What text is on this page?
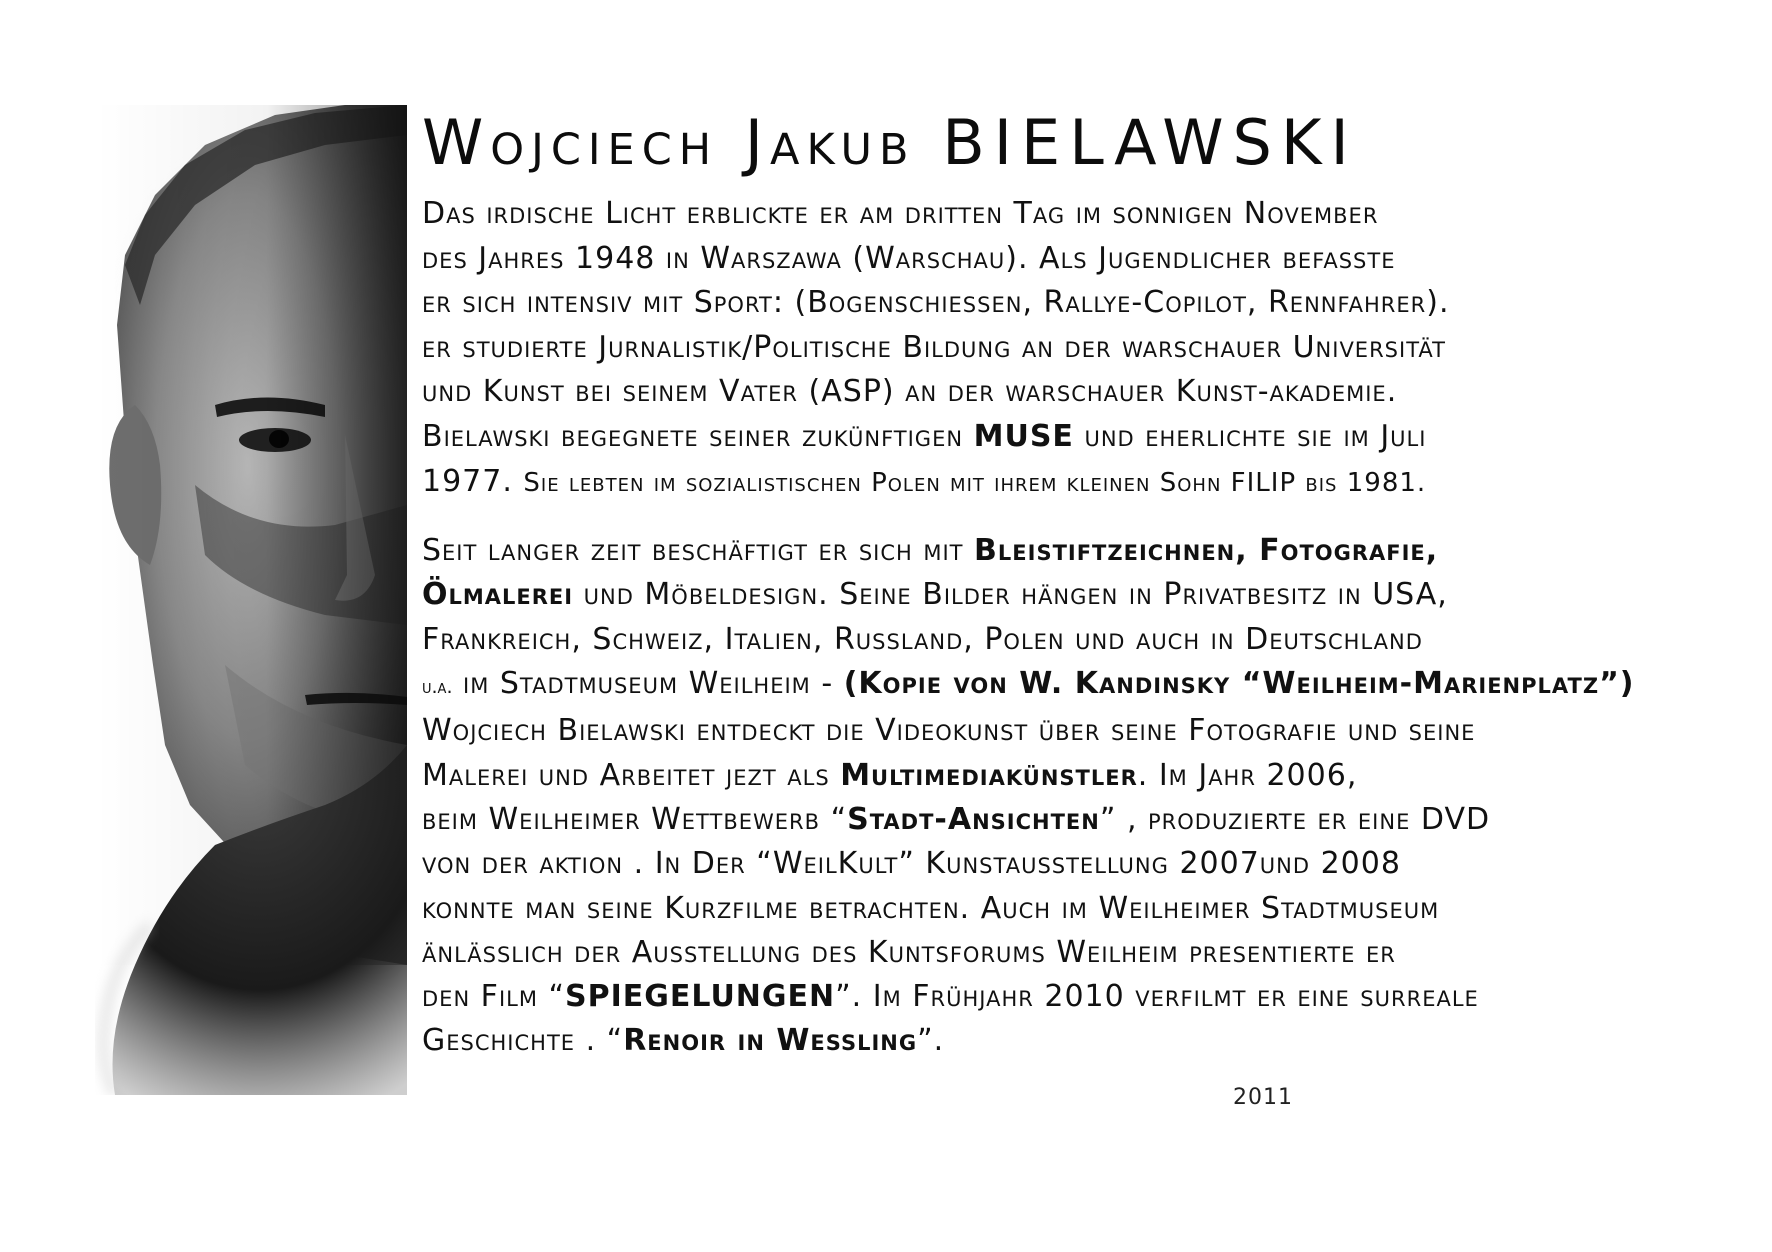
Wojciech Jakub BIELAWSKI
Das irdische Licht erblickte er am dritten Tag im sonnigen November
des Jahres 1948 in Warszawa (Warschau). Als Jugendlicher befasste
er sich intensiv mit Sport: (Bogenschiessen, Rallye-Copilot, Rennfahrer).
er studierte Jurnalistik/Politische Bildung an der warschauer Universität
und Kunst bei seinem Vater (ASP) an der warschauer Kunst-akademie.
Bielawski begegnete seiner zukünftigen MUSE und eherlichte sie im Juli
1977. Sie lebten im sozialistischen Polen mit ihrem kleinen Sohn FILIP bis 1981.
Seit langer zeit beschäftigt er sich mit Bleistiftzeichnen, Fotografie,
Ölmalerei und Möbeldesign. Seine Bilder hängen in Privatbesitz in USA,
Frankreich, Schweiz, Italien, Russland, Polen und auch in Deutschland
u.a. im Stadtmuseum Weilheim - (Kopie von W. Kandinsky “Weilheim-Marienplatz”)
Wojciech Bielawski entdeckt die Videokunst über seine Fotografie und seine
Malerei und Arbeitet jezt als Multimediakünstler. Im Jahr 2006,
beim Weilheimer Wettbewerb “Stadt-Ansichten” , produzierte er eine DVD
von der aktion . In Der “WeilKult” Kunstausstellung 2007und 2008
konnte man seine Kurzfilme betrachten. Auch im Weilheimer Stadtmuseum
änlässlich der Ausstellung des Kuntsforums Weilheim presentierte er
den Film “SPIEGELUNGEN”. Im Frühjahr 2010 verfilmt er eine surreale
Geschichte . “Renoir in Wessling”.
2011
